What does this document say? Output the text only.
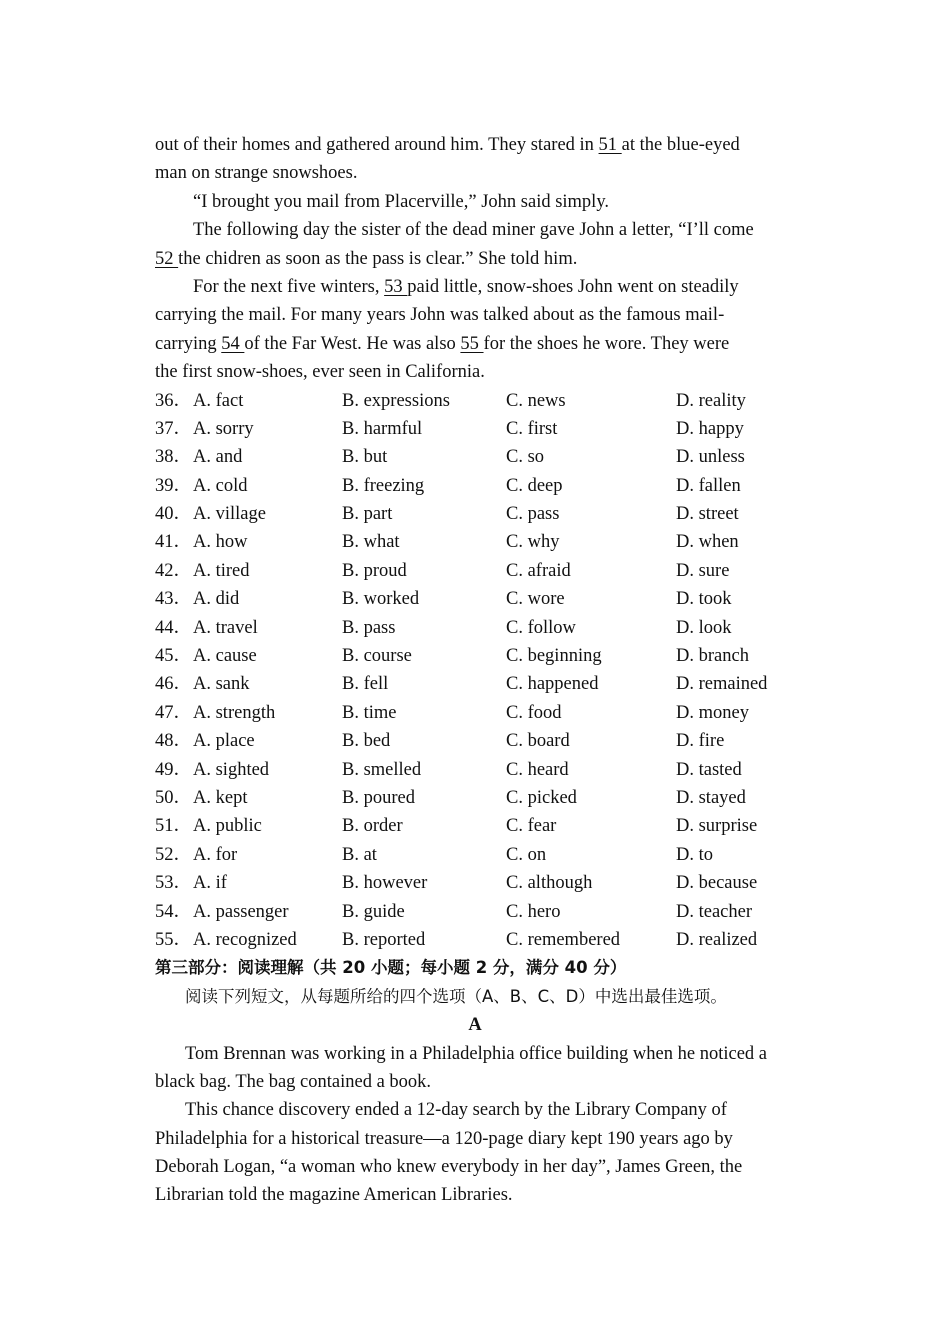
out of their homes and gathered around him. They stared in 51 at the blue-eyed
man on strange snowshoes.
“I brought you mail from Placerville,” John said simply.
The following day the sister of the dead miner gave John a letter, “I’ll come
52 the chidren as soon as the pass is clear.” She told him.
For the next five winters, 53 paid little, snow-shoes John went on steadily
carrying the mail. For many years John was talked about as the famous mail-
carrying 54 of the Far West. He was also 55 for the shoes he wore. They were
the first snow-shoes, ever seen in California.
36． A. fact	B. expressions	C. news	D. reality
37． A. sorry	B. harmful	C. first	D. happy
38． A. and	B. but	C. so	D. unless
39． A. cold	B. freezing	C. deep	D. fallen
40． A. village	B. part	C. pass	D. street
41． A. how	B. what	C. why	D. when
42． A. tired	B. proud	C. afraid	D. sure
43． A. did	B. worked	C. wore	D. took
44． A. travel	B. pass	C. follow	D. look
45． A. cause	B. course	C. beginning	D. branch
46． A. sank	B. fell	C. happened	D. remained
47． A. strength	B. time	C. food	D. money
48． A. place	B. bed	C. board	D. fire
49． A. sighted	B. smelled	C. heard	D. tasted
50． A. kept	B. poured	C. picked	D. stayed
51． A. public	B. order	C. fear	D. surprise
52． A. for	B. at	C. on	D. to
53． A. if	B. however	C. although	D. because
54． A. passenger	B. guide	C. hero	D. teacher
55． A. recognized B. reported	C. remembered	D. realized
第三部分：阅读理解（共 20 小题；每小题 2 分，满分 40 分）
阅读下列短文，从每题所给的四个选项（A、B、C、D）中选出最佳选项。
A
Tom Brennan was working in a Philadelphia office building when he noticed a
black bag. The bag contained a book.
This chance discovery ended a 12-day search by the Library Company of
Philadelphia for a historical treasure—a 120-page diary kept 190 years ago by
Deborah Logan, “a woman who knew everybody in her day”, James Green, the
Librarian told the magazine American Libraries.
